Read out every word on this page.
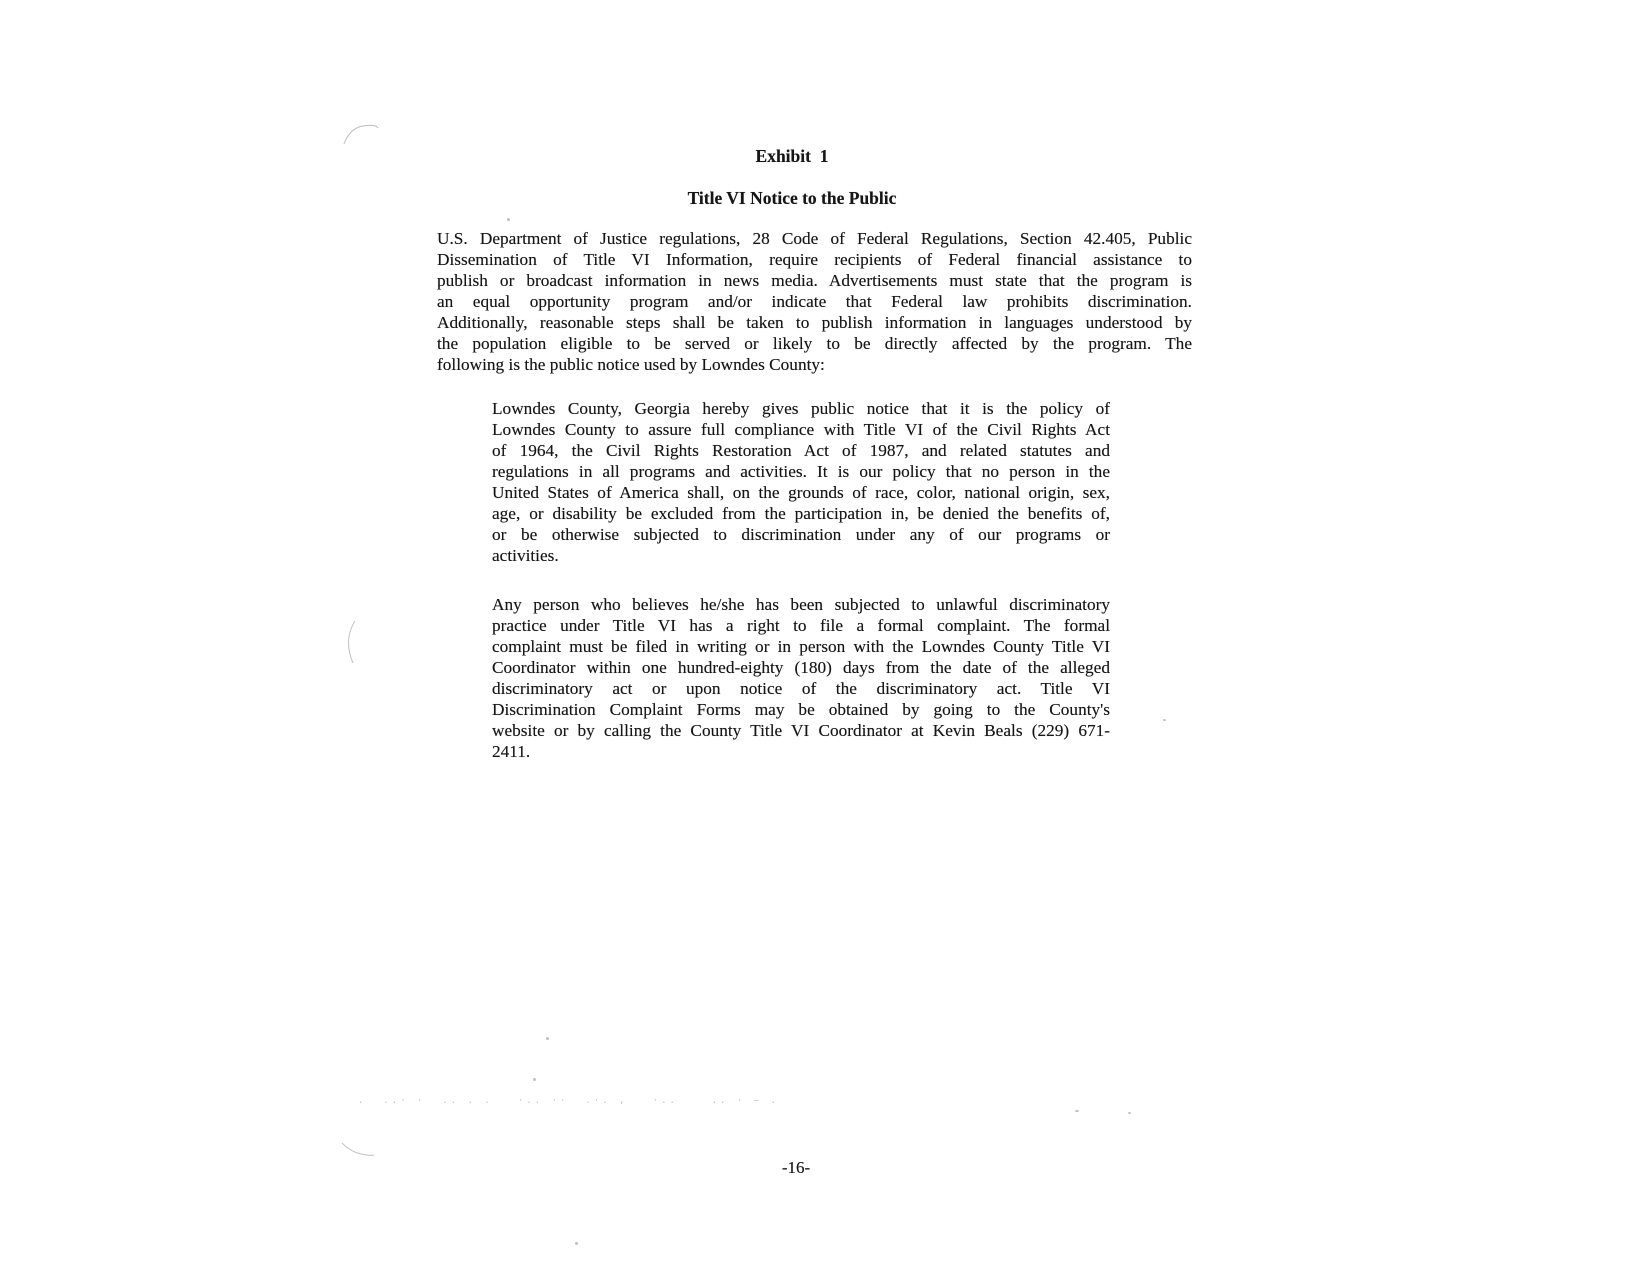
.  ..· ·  .. . .   ·.. ··  .·. ,   ·..    .. · – .
Exhibit  1
Title VI Notice to the Public
U.S. Department of Justice regulations, 28 Code of Federal Regulations, Section 42.405, Public
Dissemination of Title VI Information, require recipients of Federal financial assistance to
publish or broadcast information in news media. Advertisements must state that the program is
an equal opportunity program and/or indicate that Federal law prohibits discrimination.
Additionally, reasonable steps shall be taken to publish information in languages understood by
the population eligible to be served or likely to be directly affected by the program. The
following is the public notice used by Lowndes County:
Lowndes County, Georgia hereby gives public notice that it is the policy of
Lowndes County to assure full compliance with Title VI of the Civil Rights Act
of 1964, the Civil Rights Restoration Act of 1987, and related statutes and
regulations in all programs and activities. It is our policy that no person in the
United States of America shall, on the grounds of race, color, national origin, sex,
age, or disability be excluded from the participation in, be denied the benefits of,
or be otherwise subjected to discrimination under any of our programs or
activities.
Any person who believes he/she has been subjected to unlawful discriminatory
practice under Title VI has a right to file a formal complaint. The formal
complaint must be filed in writing or in person with the Lowndes County Title VI
Coordinator within one hundred-eighty (180) days from the date of the alleged
discriminatory act or upon notice of the discriminatory act. Title VI
Discrimination Complaint Forms may be obtained by going to the County's
website or by calling the County Title VI Coordinator at Kevin Beals (229) 671-
2411.
-16-
